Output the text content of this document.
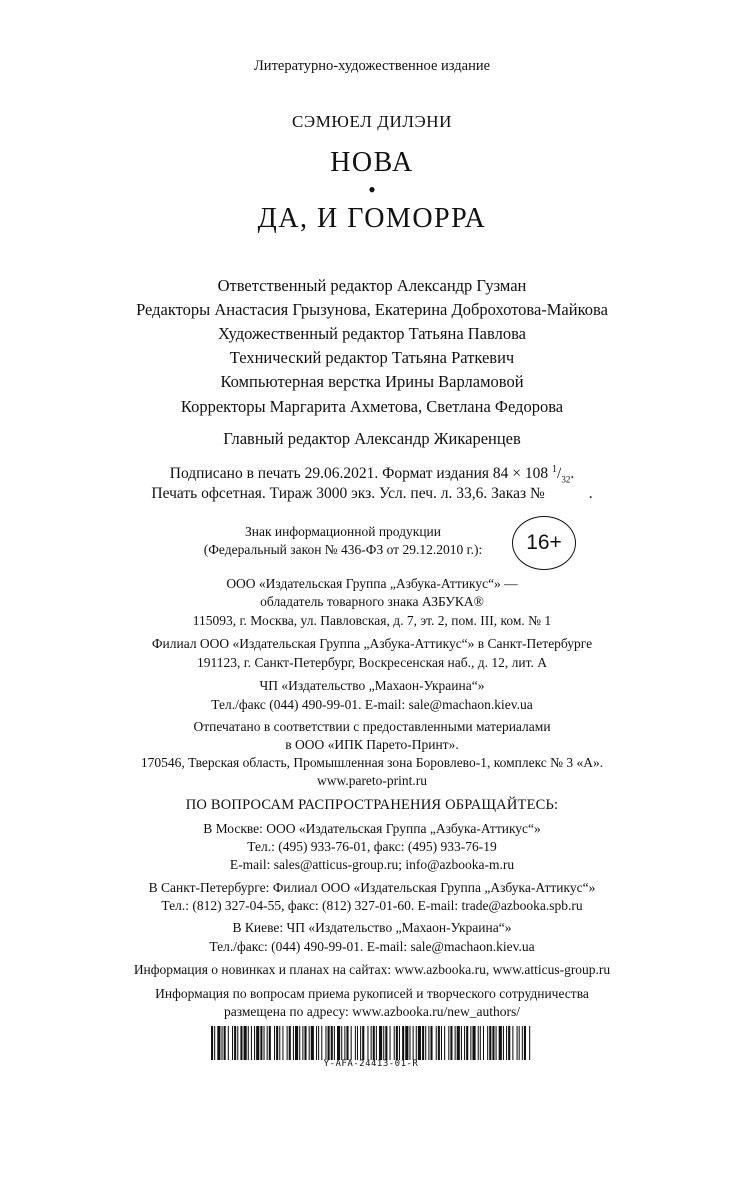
Литературно-художественное издание
СЭМЮЕЛ ДИЛЭНИ
НОВА
•
ДА, И ГОМОРРА
Ответственный редактор Александр Гузман
Редакторы Анастасия Грызунова, Екатерина Доброхотова-Майкова
Художественный редактор Татьяна Павлова
Технический редактор Татьяна Раткевич
Компьютерная верстка Ирины Варламовой
Корректоры Маргарита Ахметова, Светлана Федорова
Главный редактор Александр Жикаренцев
Подписано в печать 29.06.2021. Формат издания 84 × 108 $^1/_{32}$.
Печать офсетная. Тираж 3000 экз. Усл. печ. л. 33,6. Заказ №	.
Знак информационной продукции
(Федеральный закон № 436-ФЗ от 29.12.2010 г.):	16+
ООО «Издательская Группа „Азбука-Аттикус“» —
обладатель товарного знака АЗБУКА®
115093, г. Москва, ул. Павловская, д. 7, эт. 2, пом. III, ком. № 1
Филиал ООО «Издательская Группа „Азбука-Аттикус“» в Санкт-Петербурге
191123, г. Санкт-Петербург, Воскресенская наб., д. 12, лит. А
ЧП «Издательство „Махаон-Украина“»
Тел./факс (044) 490-99-01. E-mail: sale@machaon.kiev.ua
Отпечатано в соответствии с предоставленными материалами
в ООО «ИПК Парето-Принт».
170546, Тверская область, Промышленная зона Боровлево-1, комплекс № 3 «А».
www.pareto-print.ru
ПО ВОПРОСАМ РАСПРОСТРАНЕНИЯ ОБРАЩАЙТЕСЬ:
В Москве: ООО «Издательская Группа „Азбука-Аттикус“»
Тел.: (495) 933-76-01, факс: (495) 933-76-19
E-mail: sales@atticus-group.ru; info@azbooka-m.ru
В Санкт-Петербурге: Филиал ООО «Издательская Группа „Азбука-Аттикус“»
Тел.: (812) 327-04-55, факс: (812) 327-01-60. E-mail: trade@azbooka.spb.ru
В Киеве: ЧП «Издательство „Махаон-Украина“»
Тел./факс: (044) 490-99-01. E-mail: sale@machaon.kiev.ua
Информация о новинках и планах на сайтах: www.azbooka.ru, www.atticus-group.ru
Информация по вопросам приема рукописей и творческого сотрудничества
размещена по адресу: www.azbooka.ru/new_authors/
Y-AFA-24413-01-R
